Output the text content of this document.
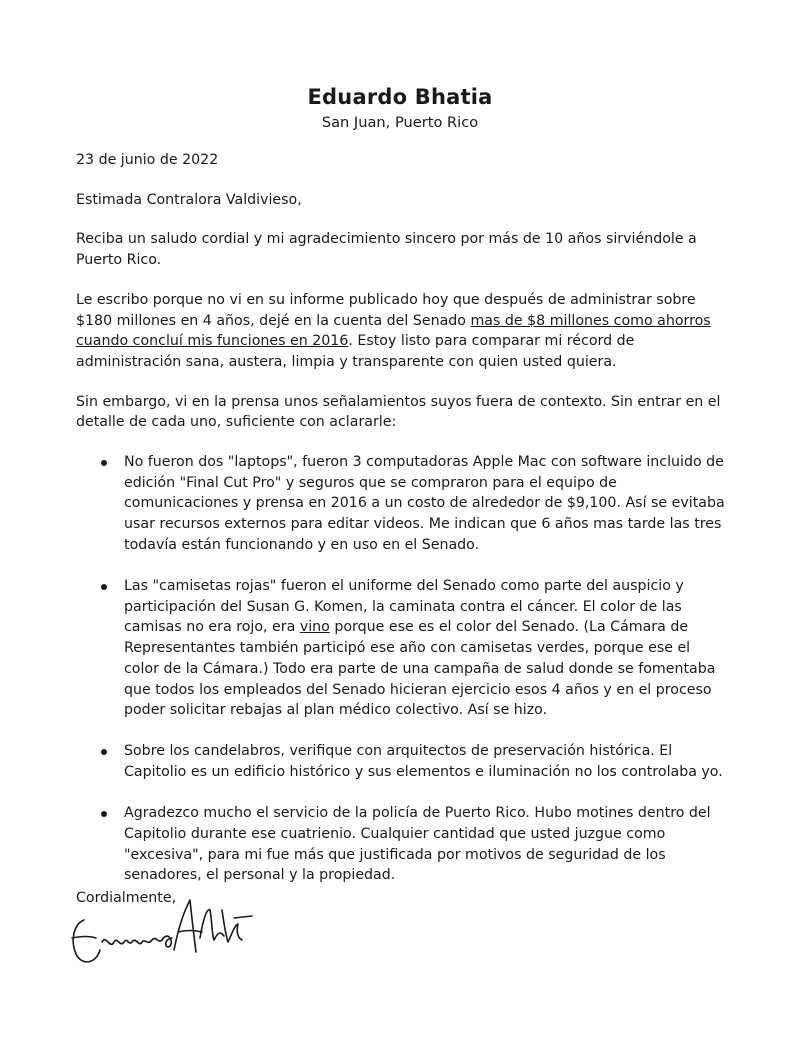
Eduardo Bhatia
San Juan, Puerto Rico

23 de junio de 2022

Estimada Contralora Valdivieso,

Reciba un saludo cordial y mi agradecimiento sincero por más de 10 años sirviéndole a Puerto Rico.

Le escribo porque no vi en su informe publicado hoy que después de administrar sobre $180 millones en 4 años, dejé en la cuenta del Senado mas de $8 millones como ahorros cuando concluí mis funciones en 2016. Estoy listo para comparar mi récord de administración sana, austera, limpia y transparente con quien usted quiera.

Sin embargo, vi en la prensa unos señalamientos suyos fuera de contexto. Sin entrar en el detalle de cada uno, suficiente con aclararle:

No fueron dos "laptops", fueron 3 computadoras Apple Mac con software incluido de edición "Final Cut Pro" y seguros que se compraron para el equipo de comunicaciones y prensa en 2016 a un costo de alrededor de $9,100. Así se evitaba usar recursos externos para editar videos. Me indican que 6 años mas tarde las tres todavía están funcionando y en uso en el Senado.
Las "camisetas rojas" fueron el uniforme del Senado como parte del auspicio y participación del Susan G. Komen, la caminata contra el cáncer. El color de las camisas no era rojo, era vino porque ese es el color del Senado. (La Cámara de Representantes también participó ese año con camisetas verdes, porque ese el color de la Cámara.) Todo era parte de una campaña de salud donde se fomentaba que todos los empleados del Senado hicieran ejercicio esos 4 años y en el proceso poder solicitar rebajas al plan médico colectivo. Así se hizo.
Sobre los candelabros, verifique con arquitectos de preservación histórica. El Capitolio es un edificio histórico y sus elementos e iluminación no los controlaba yo.
Agradezco mucho el servicio de la policía de Puerto Rico. Hubo motines dentro del Capitolio durante ese cuatrienio. Cualquier cantidad que usted juzgue como "excesiva", para mi fue más que justificada por motivos de seguridad de los senadores, el personal y la propiedad.
Cordialmente,
